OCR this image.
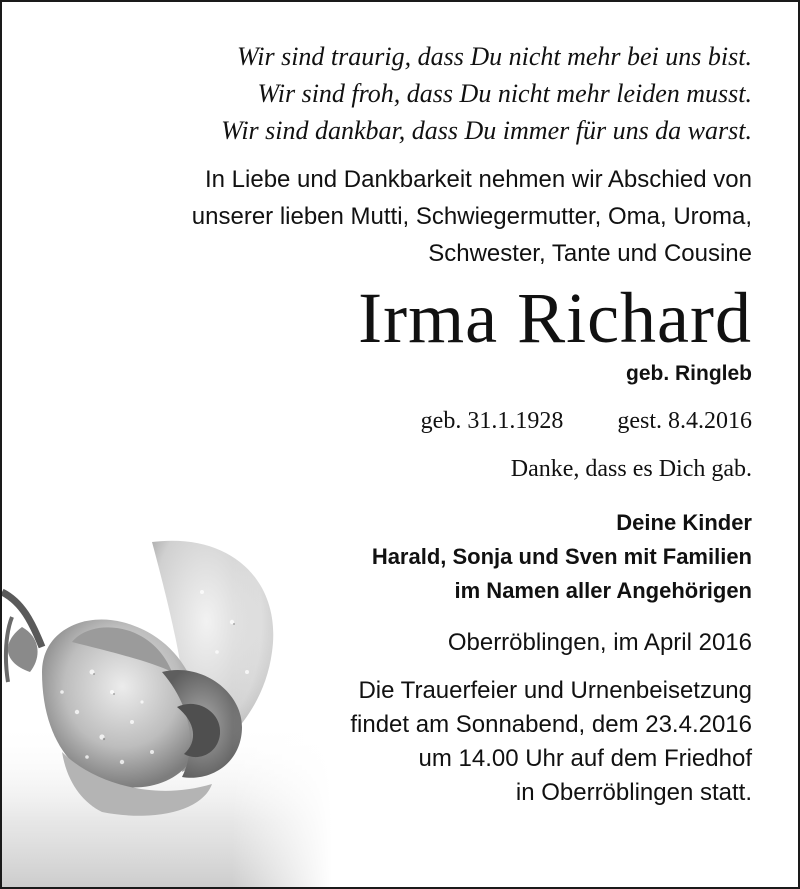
Wir sind traurig, dass Du nicht mehr bei uns bist.
Wir sind froh, dass Du nicht mehr leiden musst.
Wir sind dankbar, dass Du immer für uns da warst.
In Liebe und Dankbarkeit nehmen wir Abschied von
unserer lieben Mutti, Schwiegermutter, Oma, Uroma,
Schwester, Tante und Cousine
Irma Richard
geb. Ringleb
geb. 31.1.1928 gest. 8.4.2016
Danke, dass es Dich gab.
Deine Kinder
Harald, Sonja und Sven mit Familien
im Namen aller Angehörigen
Oberröblingen, im April 2016
Die Trauerfeier und Urnenbeisetzung
findet am Sonnabend, dem 23.4.2016
um 14.00 Uhr auf dem Friedhof
in Oberröblingen statt.
